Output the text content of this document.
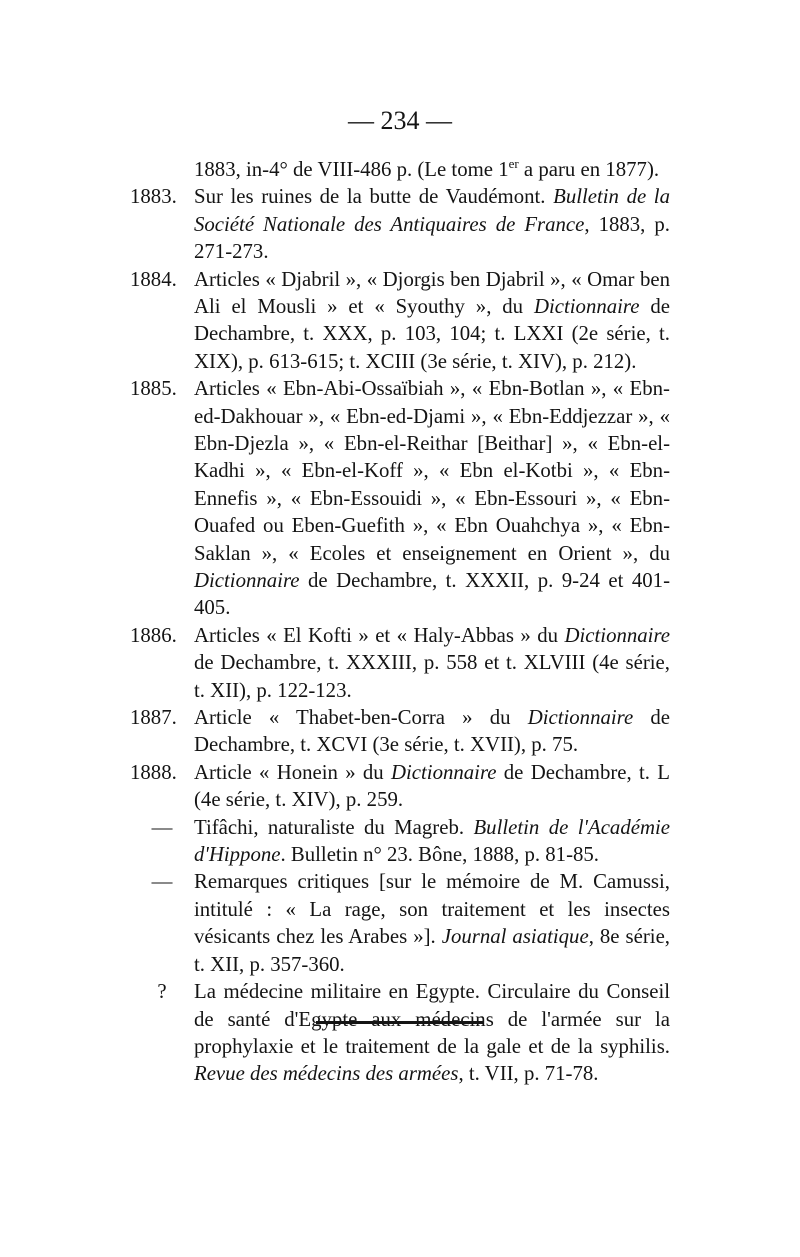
— 234 —
1883, in-4° de VIII-486 p. (Le tome 1er a paru en 1877).
1883. Sur les ruines de la butte de Vaudémont. Bulletin de la Société Nationale des Antiquaires de France, 1883, p. 271-273.
1884. Articles « Djabril », « Djorgis ben Djabril », « Omar ben Ali el Mousli » et « Syouthy », du Dictionnaire de Dechambre, t. XXX, p. 103, 104; t. LXXI (2e série, t. XIX), p. 613-615; t. XCIII (3e série, t. XIV), p. 212).
1885. Articles « Ebn-Abi-Ossaïbiah », « Ebn-Botlan », « Ebn-ed-Dakhouar », « Ebn-ed-Djami », « Ebn-Eddjezzar », « Ebn-Djezla », « Ebn-el-Reithar [Beithar] », « Ebn-el-Kadhi », « Ebn-el-Koff », « Ebn el-Kotbi », « Ebn-Ennefis », « Ebn-Essouidi », « Ebn-Essouri », « Ebn-Ouafed ou Eben-Guefith », « Ebn Ouahchya », « Ebn-Saklan », « Ecoles et enseignement en Orient », du Dictionnaire de Dechambre, t. XXXII, p. 9-24 et 401-405.
1886. Articles « El Kofti » et « Haly-Abbas » du Dictionnaire de Dechambre, t. XXXIII, p. 558 et t. XLVIII (4e série, t. XII), p. 122-123.
1887. Article « Thabet-ben-Corra » du Dictionnaire de Dechambre, t. XCVI (3e série, t. XVII), p. 75.
1888. Article « Honein » du Dictionnaire de Dechambre, t. L (4e série, t. XIV), p. 259.
—	Tifâchi, naturaliste du Magreb. Bulletin de l'Académie d'Hippone. Bulletin n° 23. Bône, 1888, p. 81-85.
—	Remarques critiques [sur le mémoire de M. Camussi, intitulé : « La rage, son traitement et les insectes vésicants chez les Arabes »]. Journal asiatique, 8e série, t. XII, p. 357-360.
?	La médecine militaire en Egypte. Circulaire du Conseil de santé d'Egypte aux médecins de l'armée sur la prophylaxie et le traitement de la gale et de la syphilis. Revue des médecins des armées, t. VII, p. 71-78.
